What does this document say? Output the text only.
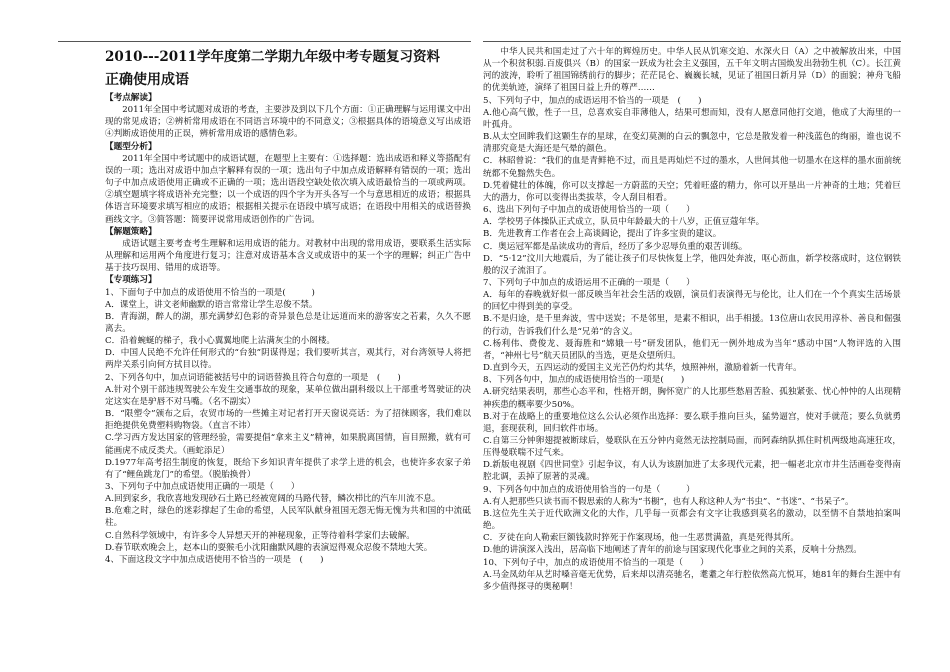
2010---2011学年度第二学期九年级中考专题复习资料

正确使用成语

【考点解读】

2011年全国中考试题对成语的考查，主要涉及到以下几个方面：①正确理解与运用课文中出现的常见成语；②辨析常用成语在不同语言环境中的不同意义；③根据具体的语境意义写出成语④判断成语使用的正误，辨析常用成语的感情色彩。

【题型分析】

2011年全国中考试题中的成语试题，在题型上主要有：①选择题：选出成语和释义等搭配有误的一项；选出对成语中加点字解释有误的一项；选出句子中加点成语解释有错误的一项；选出句子中加点成语使用正确或不正确的一项；选出语段空缺处依次填入成语最恰当的一项或两项。②填空题填字将成语补充完整；以一个成语的四个字为开头各写一个与意思相近的成语；根据具体语言环境要求填写相应的成语；根据相关提示在语段中填写成语；在语段中用相关的成语替换画线文字。③简答题：简要评说常用成语创作的广告词。

【解题策略】

成语试题主要考查考生理解和运用成语的能力。对教材中出现的常用成语，要联系生活实际从理解和运用两个角度进行复习；注意对成语基本含义或成语中的某一个字的理解；纠正广告中基于技巧误用、错用的成语等。

【专项练习】

1、下面句子中加点的成语使用不恰当的一项是(　　　)

A．课堂上，讲文老师幽默的语言常常让学生忍俊不禁。

B．青海湖，醉人的湖，那充满梦幻色彩的奇异景色总是让远道而来的游客安之若素，久久不愿离去。

C．沿着蜿蜒的梯子，我小心翼翼地爬上沾满灰尘的小阁楼。

D．中国人民绝不允许任何形式的“台独”阴谋得逞；我们要听其言，观其行，对台湾领导人将把两岸关系引向何方拭目以待。

2、下列各句中，加点词语能被括号中的词语替换且符合句意的一项是　(　　)

A.针对个别干部违规驾驶公车发生交通事故的现象，某单位做出副科级以上干部重考驾驶证的决定这实在是驴唇不对马嘴。（名不副实）

B．“限塑令”颁布之后，农贸市场的一些摊主对记者打开天窗说亮话：为了招徕顾客，我们难以拒绝提供免费塑料购物袋。（直言不讳）

C.学习西方发达国家的管理经验，需要提倡“拿来主义”精神，如果脱离国情，盲目照搬，就有可能画虎不成反类犬。（画蛇添足）

D.1977年高考招生制度的恢复，既给下乡知识青年提供了求学上进的机会，也使许多农家子弟有了“鲤鱼跳龙门”的希望。（脱胎换骨）

3、下列句子中加点成语使用正确的一项是（　　）

A.回到家乡，我欣喜地发现砂石土路已经被宽阔的马路代替，鳞次栉比的汽车川流不息。

B.危难之时，绿色的迷彩撑起了生命的希望，人民军队献身祖国无怨无悔无愧为共和国的中流砥柱。

C.自然科学领域中，有许多令人异想天开的神秘现象，正等待着科学家们去破解。

D.春节联欢晚会上，赵本山的耍猴毛小沈阳幽默风趣的表演逗得观众忍俊不禁地大笑。

4、下面这段文字中加点成语使用不恰当的一项是　(　　)

中华人民共和国走过了六十年的辉煌历史。中华人民从饥寒交迫、水深火日（A）之中被解放出来，中国从一个积贫积弱.百废俱兴（B）的国家一跃成为社会主义强国，五千年文明古国焕发出勃勃生机（C）。长江黄河的波涛，聆听了祖国锦绣前行的脚步；茫茫昆仑、巍巍长城，见证了祖国日新月异（D）的面貌；神舟飞船的优美轨迹，演绎了祖国日益上升的尊严……

5、下列句子中，加点的成语运用不恰当的一项是　(　　)

A.他心高气傲，性子一旦，总喜欢妄自菲薄他人，结果可想而知，没有人愿意同他打交道，他成了大海里的一叶孤舟。

B.从太空回眸我们这颗生存的星球，在变幻莫测的白云的飘忽中，它总是散发着一种浅蓝色的绚丽，谁也说不清那究竟是大海还是气晕的颜色。

C．林昭曾说：“我们的血是青鲜艳不过，而且是再灿烂不过的墨水，人世间其他一切墨水在这样的墨水面前统统都不免黯然失色。

D.凭着健壮的体魄，你可以支撑起一方蔚蓝的天空；凭着旺盛的精力，你可以开垦出一片神奇的土地；凭着巨大的潜力，你可以变得出类拔萃，令人刮目相看。

6、选出下列句子中加点的成语使用恰当的一项（　　）

A．学校男子体操队正式成立，队员中年龄最大的十八岁，正值豆蔻年华。

B．先进教育工作者在会上高谈阔论，提出了许多宝贵的建议。

C．奥运冠军都是品读成功的背后，经历了多少忍辱负重的艰苦训练。

D．“5·12”汶川大地震后，为了能让孩子们尽快恢复上学，他四处奔波，呕心沥血，新学校落成时，这位钢铁般的汉子流泪了。

7、下列句子中加点的成语运用不正确的一项是（　　）

A．每年的春晚就好似一部反映当年社会生活的戏剧，演员们表演得无与伦比，让人们在一个个真实生活场景的回忆中得到美的享受。

B.不是归途，是千里奔波，雪中送炭；不是邻里，是素不相识，出手相援。13位唐山农民用淳朴、善良和倔强的行动，告诉我们什么是“兄弟”的含义。

C.杨利伟、费俊龙、聂海胜和“嫦娥一号”研发团队，他们无一例外地成为当年“感动中国”人物评选的入围者，“神州七号”航天员团队的当选，更是众望所归。

D.直到今天，五四运动的爱国主义光芒仍灼灼其华，烛照神州，激励着新一代青年。

8、下列各句中，加点的成语使用恰当的一项是(　　)

A.研究结果表明，那些心态平和，性格开朗，胸怀宽广的人比那些愁眉苦脸、孤独紧张、忧心忡忡的人出现精神疾患的概率要少50%。

B.对于在战略上的重要地位这么公认必须作出选择：要么联手推向巨头，猛势逼宫，使对手就范；要么负就勇退，套现获利，回归软件市场。

C.自第三分钟卵翅提被断球后，曼联队在五分钟内竟然无法控制局面，而阿森纳队抓住时机两级地高速狂攻，压得曼联喘不过气来。

D.新版电视剧《四世同堂》引起争议，有人认为该剧加进了太多现代元素，把一幅老北京市井生活画卷变得南腔北调，丢掉了原著的灵魂。

9、下列各句中加点的成语使用恰当的一句是（　　　）

A.有人把那些只读书而不假思索的人称为“书橱”，也有人称这种人为“书虫”、“书迷”、“书呆子”。

B.这位先生关于近代欧洲文化的大作，几乎每一页都会有文字让我感到莫名的激动，以至情不自禁地拍案叫绝。

C．歹徒在向人勒索巨额钱款时猝死于作案现场，他一生恶贯满盈，真是死得其所。

D.他的讲演深入浅出，居高临下地阐述了青年的前途与国家现代化事业之间的关系，反响十分热烈。

10、下列句子中，加点的成语使用不恰当的一项是（　　）

A.马金凤幼年从艺时嗓音毫无优势，后来却以清亮驰名，耄耋之年行腔依然高亢悦耳，她81年的舞台生涯中有多少值得探寻的奥秘啊！
